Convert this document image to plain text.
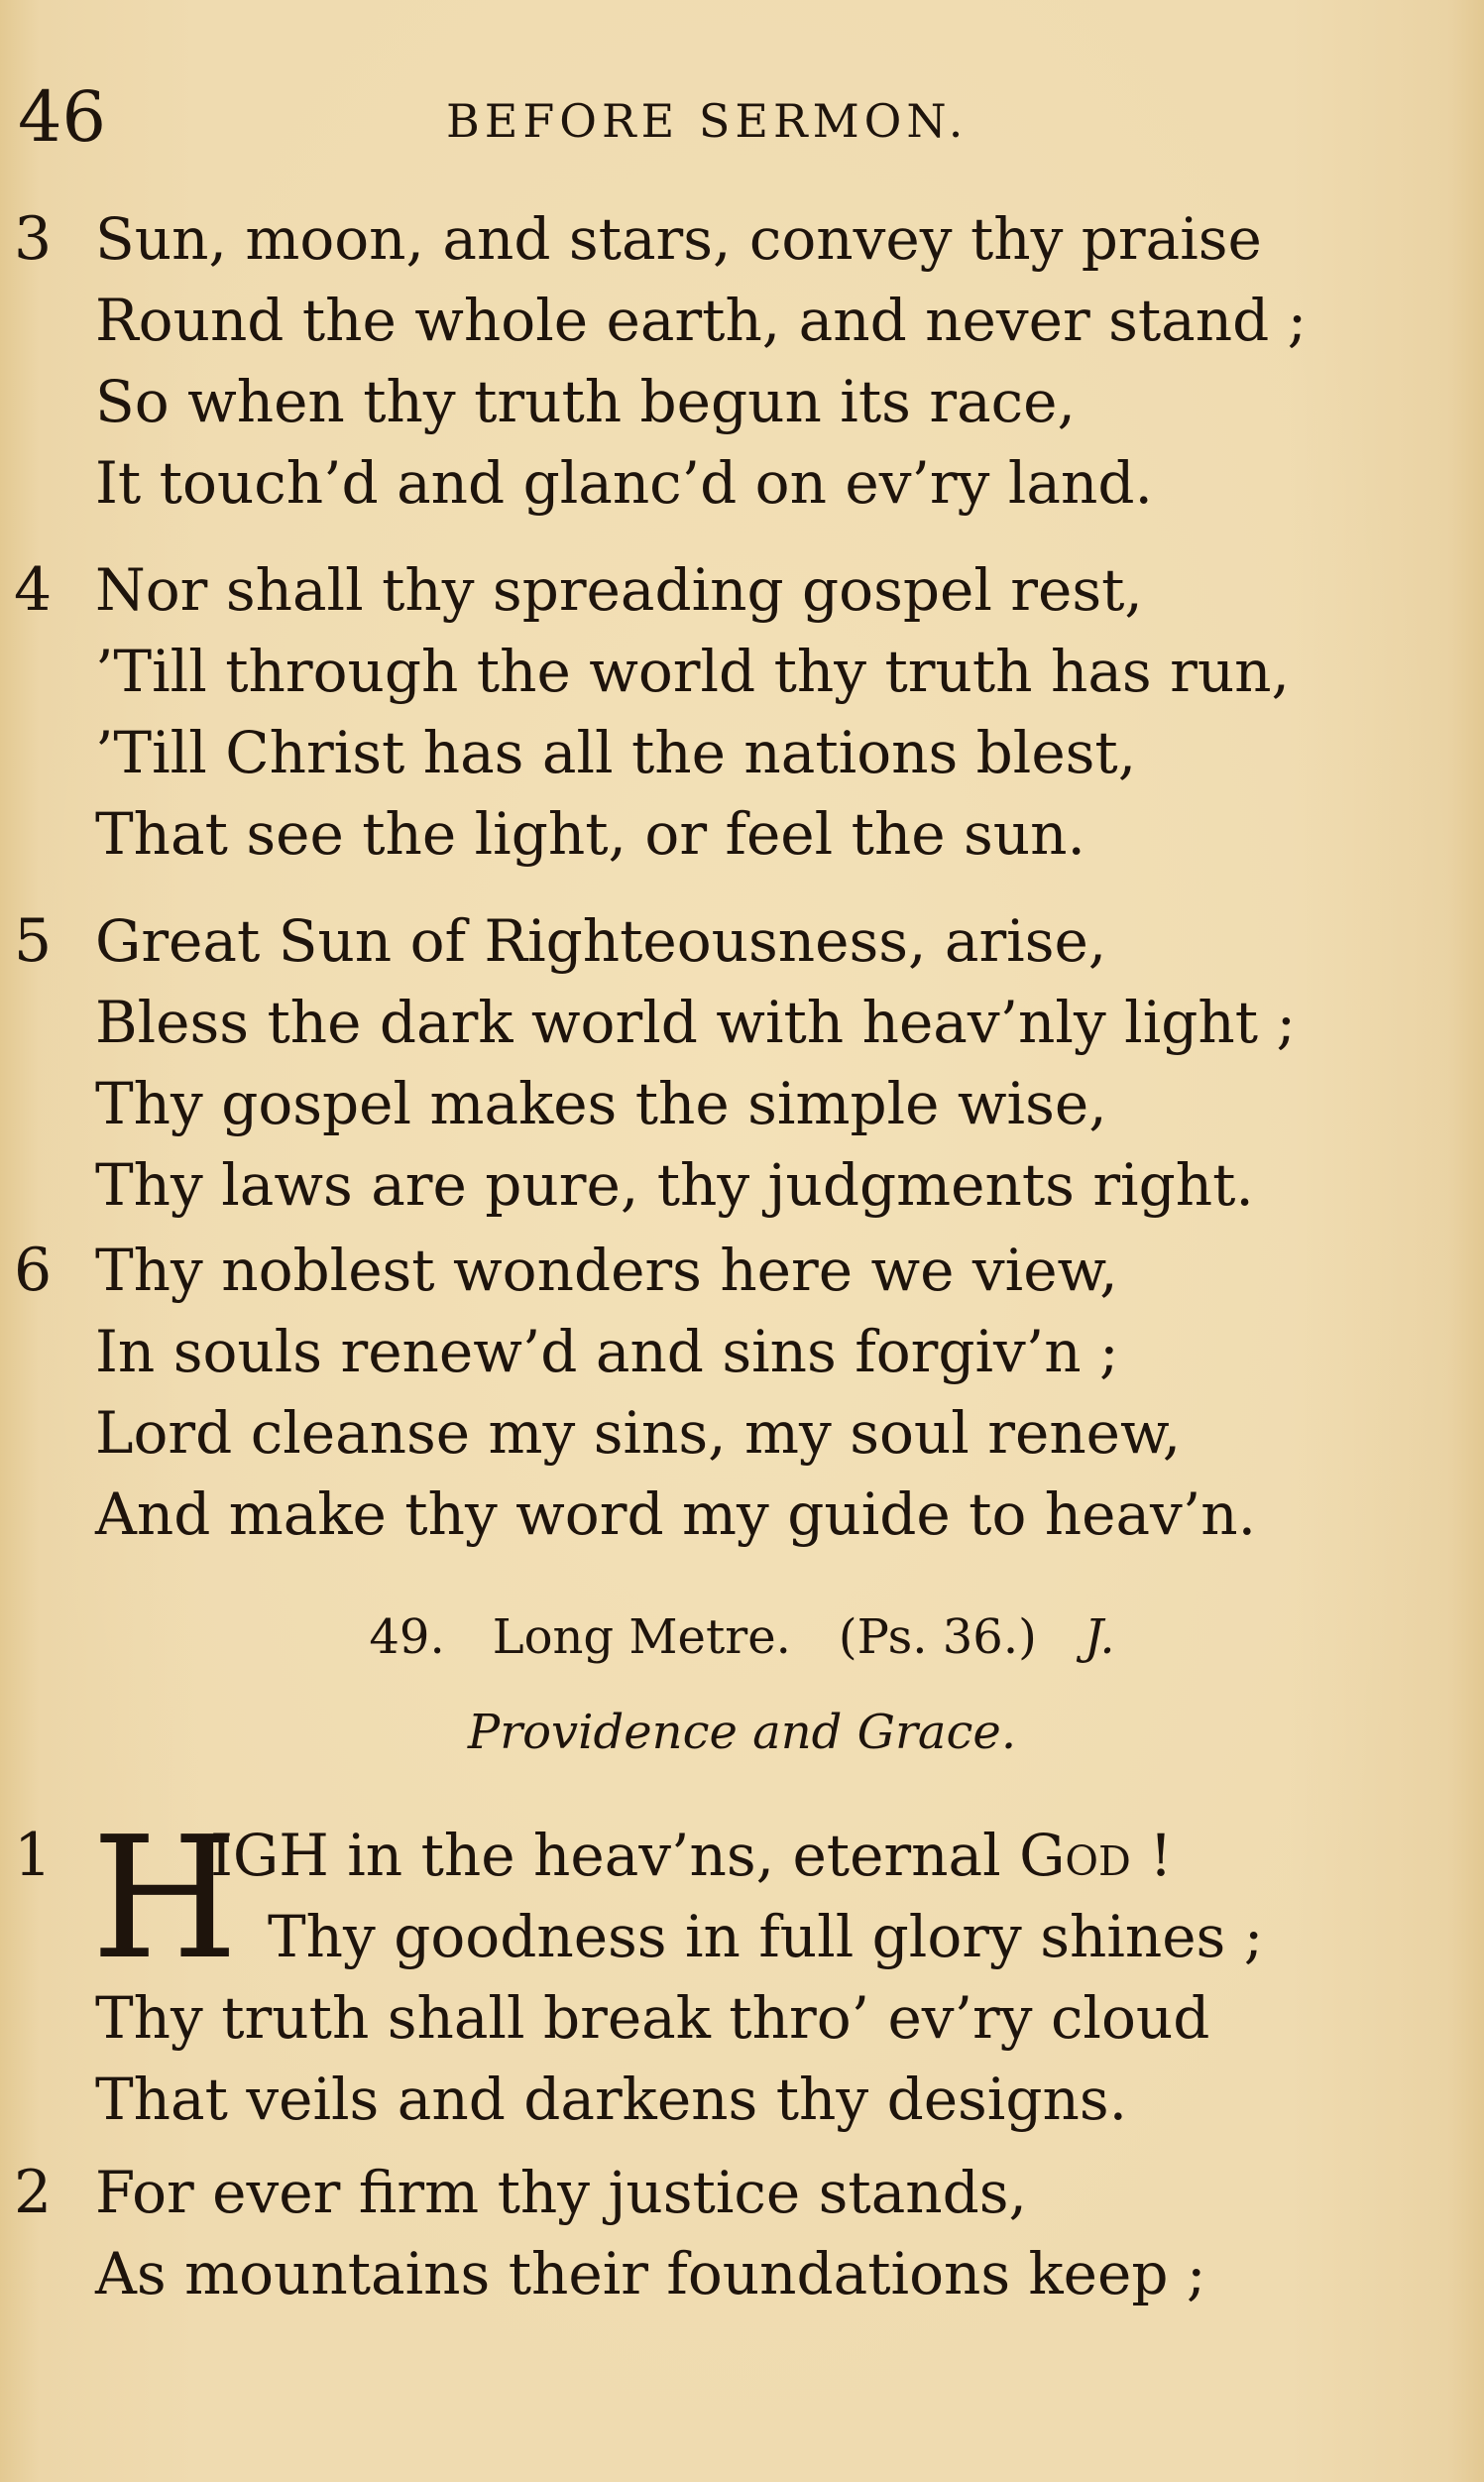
46	BEFORE SERMON.
3 Sun, moon, and stars, convey thy praise
Round the whole earth, and never stand ;
So when thy truth begun its race,
It touch’d and glanc’d on ev’ry land.
4 Nor shall thy spreading gospel rest,
’Till through the world thy truth has run,
’Till Christ has all the nations blest,
That see the light, or feel the sun.
5 Great Sun of Righteousness, arise,
Bless the dark world with heav’nly light ;
Thy gospel makes the simple wise,
Thy laws are pure, thy judgments right.
6 Thy noblest wonders here we view,
In souls renew’d and sins forgiv’n ;
Lord cleanse my sins, my soul renew,
And make thy word my guide to heav’n.
49. Long Metre. (Ps. 36.) J.
Providence and Grace.
1 H
IGH in the heav’ns, eternal God !
Thy goodness in full glory shines ;
Thy truth shall break thro’ ev’ry cloud
That veils and darkens thy designs.
2 For ever firm thy justice stands,
As mountains their foundations keep ;
